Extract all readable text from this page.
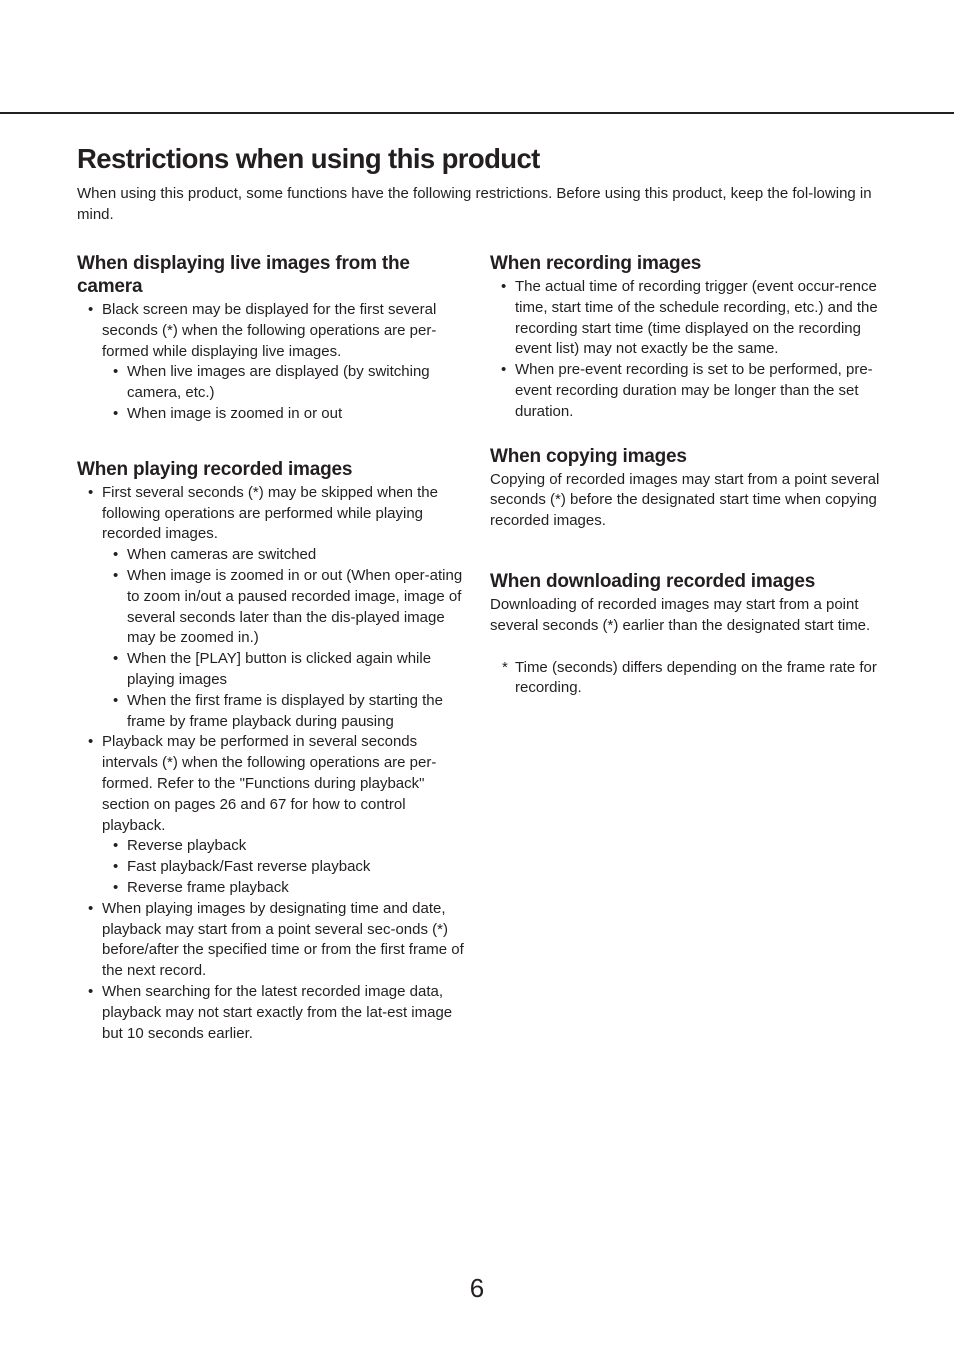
Restrictions when using this product

When using this product, some functions have the following restrictions. Before using this product, keep the fol-lowing in mind.

When displaying live images from the camera
• Black screen may be displayed for the first several seconds (*) when the following operations are per-formed while displaying live images.
• When live images are displayed (by switching camera, etc.)
• When image is zoomed in or out
When playing recorded images
• First several seconds (*) may be skipped when the following operations are performed while playing recorded images.
• When cameras are switched
• When image is zoomed in or out (When oper-ating to zoom in/out a paused recorded image, image of several seconds later than the dis-played image may be zoomed in.)
• When the [PLAY] button is clicked again while playing images
• When the first frame is displayed by starting the frame by frame playback during pausing
• Playback may be performed in several seconds intervals (*) when the following operations are per-formed. Refer to the "Functions during playback" section on pages 26 and 67 for how to control playback.
• Reverse playback
• Fast playback/Fast reverse playback
• Reverse frame playback
• When playing images by designating time and date, playback may start from a point several sec-onds (*) before/after the specified time or from the first frame of the next record.
• When searching for the latest recorded image data, playback may not start exactly from the lat-est image but 10 seconds earlier.
When recording images
• The actual time of recording trigger (event occur-rence time, start time of the schedule recording, etc.) and the recording start time (time displayed on the recording event list) may not exactly be the same.
• When pre-event recording is set to be performed, pre-event recording duration may be longer than the set duration.
When copying images

Copying of recorded images may start from a point several seconds (*) before the designated start time when copying recorded images.

When downloading recorded images

Downloading of recorded images may start from a point several seconds (*) earlier than the designated start time.

* Time (seconds) differs depending on the frame rate for recording.

6
